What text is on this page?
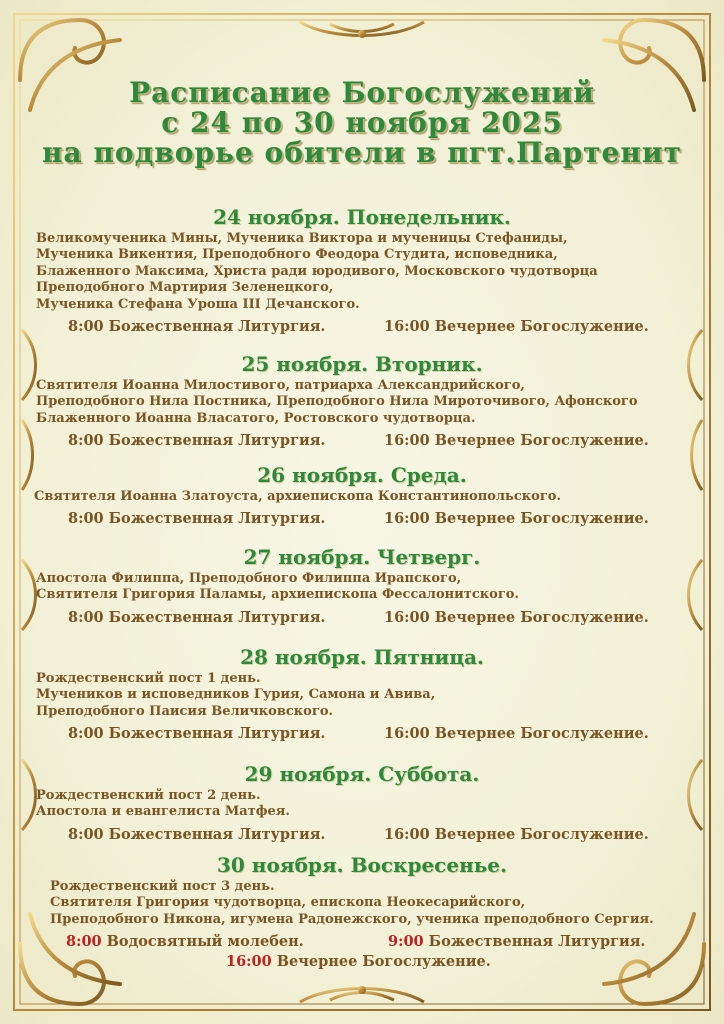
Расписание Богослужений
с 24 по 30 ноября 2025
на подворье обители в пгт.Партенит
24 ноября. Понедельник.
Великомученика Мины, Мученика Виктора и мученицы Стефаниды,
Мученика Викентия, Преподобного Феодора Студита, исповедника,
Блаженного Максима, Христа ради юродивого, Московского чудотворца
Преподобного Мартирия Зеленецкого,
Мученика Стефана Уроша III Дечанского.
8:00 Божественная Литургия.	16:00 Вечернее Богослужение.
25 ноября. Вторник.
Святителя Иоанна Милостивого, патриарха Александрийского,
Преподобного Нила Постника, Преподобного Нила Мироточивого, Афонского
Блаженного Иоанна Власатого, Ростовского чудотворца.
8:00 Божественная Литургия.	16:00 Вечернее Богослужение.
26 ноября. Среда.
Святителя Иоанна Златоуста, архиепископа Константинопольского.
8:00 Божественная Литургия.	16:00 Вечернее Богослужение.
27 ноября. Четверг.
Апостола Филиппа, Преподобного Филиппа Ирапского,
Святителя Григория Паламы, архиепископа Фессалонитского.
8:00 Божественная Литургия.	16:00 Вечернее Богослужение.
28 ноября. Пятница.
Рождественский пост 1 день.
Мучеников и исповедников Гурия, Самона и Авива,
Преподобного Паисия Величковского.
8:00 Божественная Литургия.	16:00 Вечернее Богослужение.
29 ноября. Суббота.
Рождественский пост 2 день.
Апостола и евангелиста Матфея.
8:00 Божественная Литургия.	16:00 Вечернее Богослужение.
30 ноября. Воскресенье.
Рождественский пост 3 день.
Святителя Григория чудотворца, епископа Неокесарийского,
Преподобного Никона, игумена Радонежского, ученика преподобного Сергия.
8:00 Водосвятный молебен.	9:00 Божественная Литургия.
16:00 Вечернее Богослужение.
